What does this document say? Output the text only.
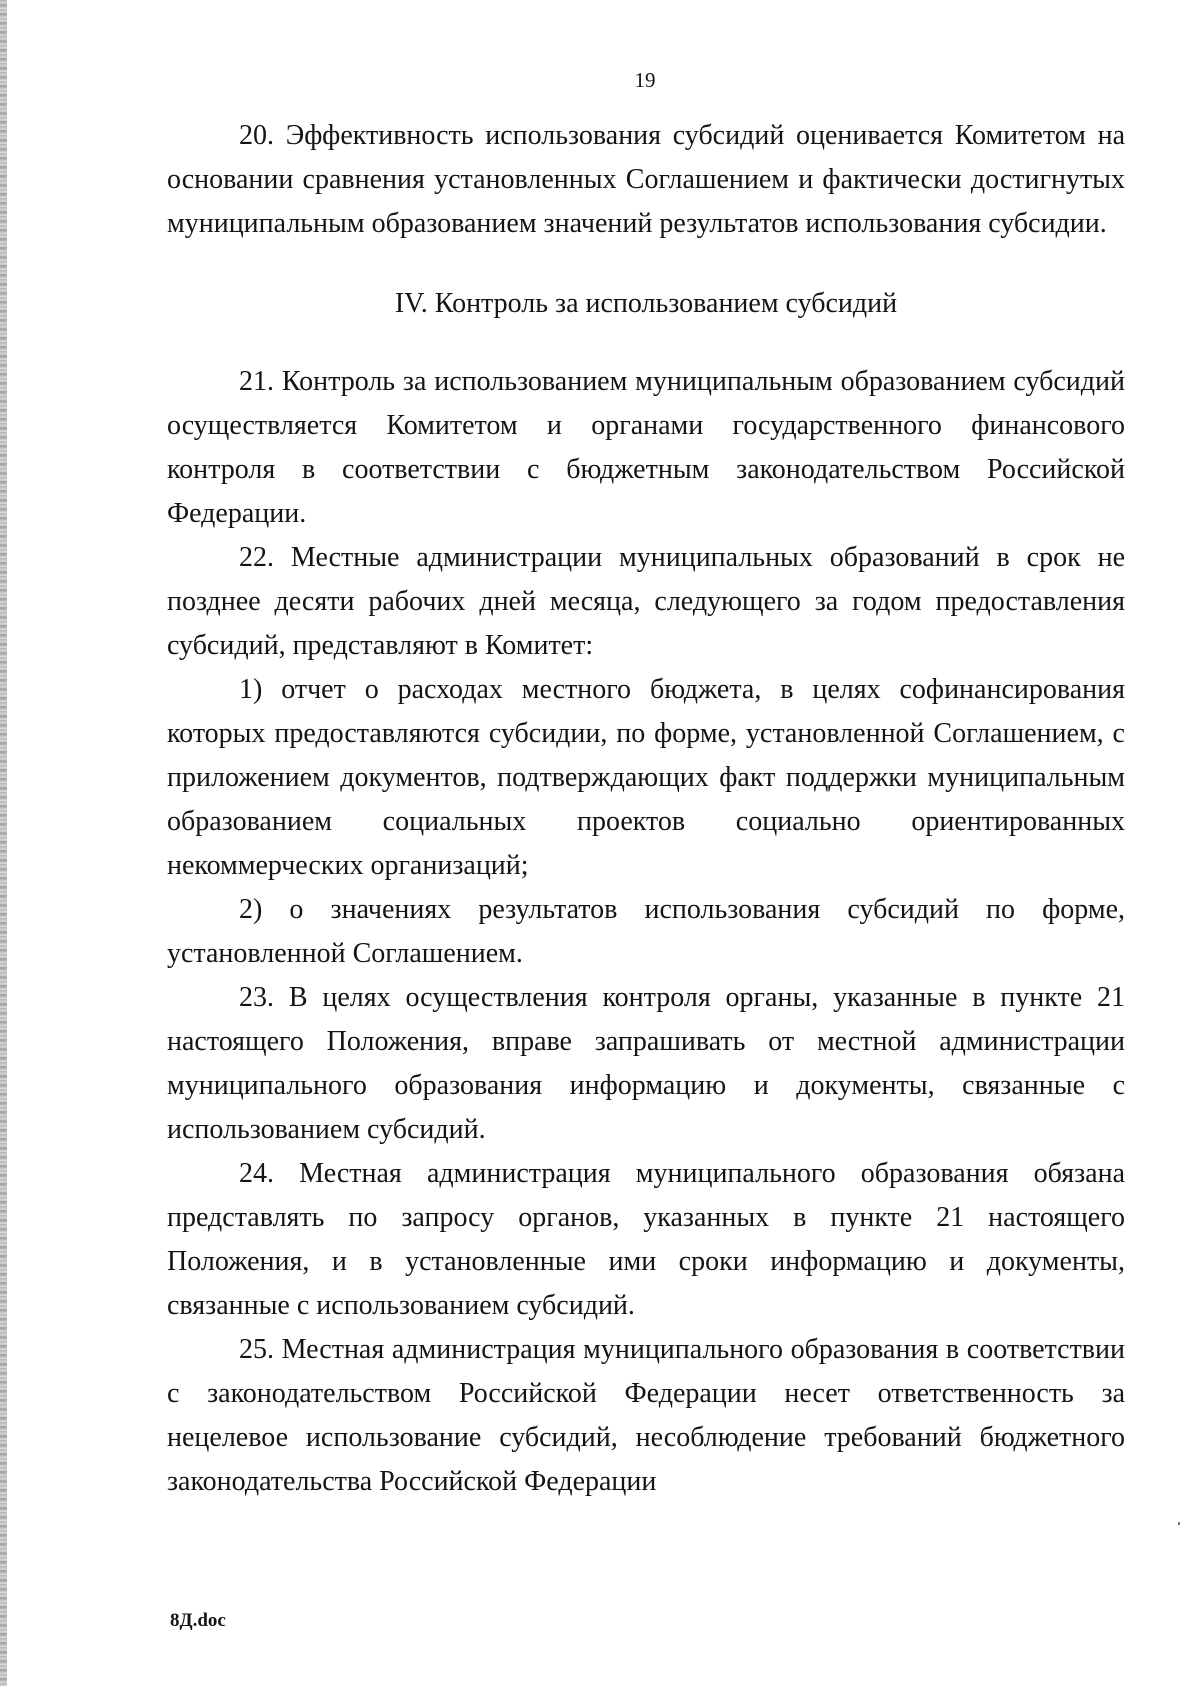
19

20. Эффективность использования субсидий оценивается Комитетом на основании сравнения установленных Соглашением и фактически достигнутых муниципальным образованием значений результатов использования субсидии.

IV. Контроль за использованием субсидий

21. Контроль за использованием муниципальным образованием субсидий осуществляется Комитетом и органами государственного финансового контроля в соответствии с бюджетным законодательством Российской Федерации.

22. Местные администрации муниципальных образований в срок не позднее десяти рабочих дней месяца, следующего за годом предоставления субсидий, представляют в Комитет:

1) отчет о расходах местного бюджета, в целях софинансирования которых предоставляются субсидии, по форме, установленной Соглашением, с приложением документов, подтверждающих факт поддержки муниципальным образованием социальных проектов социально ориентированных некоммерческих организаций;

2) о значениях результатов использования субсидий по форме, установленной Соглашением.

23. В целях осуществления контроля органы, указанные в пункте 21 настоящего Положения, вправе запрашивать от местной администрации муниципального образования информацию и документы, связанные с использованием субсидий.

24. Местная администрация муниципального образования обязана представлять по запросу органов, указанных в пункте 21 настоящего Положения, и в установленные ими сроки информацию и документы, связанные с использованием субсидий.

25. Местная администрация муниципального образования в соответствии с законодательством Российской Федерации несет ответственность за нецелевое использование субсидий, несоблюдение требований бюджетного законодательства Российской Федерации

8Д.doc
